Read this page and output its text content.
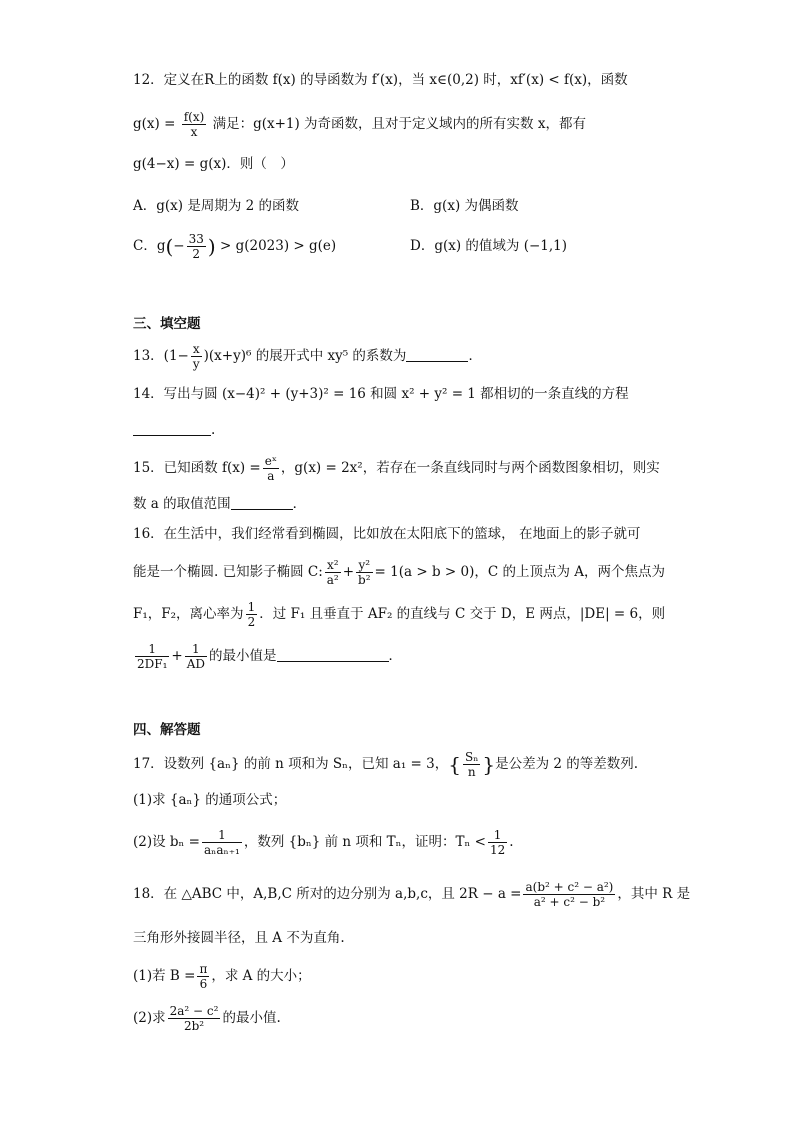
12．定义在R上的函数 f(x) 的导函数为 f′(x)，当 x∈(0,2) 时，xf′(x) < f(x)，函数
$g(x) = \frac{f(x)}{x}$ 满足：g(x+1) 为奇函数，且对于定义域内的所有实数 x，都有
g(4−x) = g(x)．则（　）
A．g(x) 是周期为 2 的函数	B．g(x) 为偶函数
C．$g(- \frac{33}{2}$ ) > g(2023) > g(e)	D．g(x) 的值域为 (−1,1)
三、填空题
13．$(1- \frac{x}{y} )(x+y)^6$ 的展开式中 xy⁵ 的系数为	．
14．写出与圆 (x−4)² + (y+3)² = 16 和圆 x² + y² = 1 都相切的一条直线的方程
.
15．已知函数 $f(x) = \frac{\text{eˣ}}{a}$ ，g(x) = 2x²，若存在一条直线同时与两个函数图象相切，则实
数 a 的取值范围	．
16．在生活中，我们经常看到椭圆，比如放在太阳底下的篮球， 在地面上的影子就可
能是一个椭圆. 已知影子椭圆 C: $\frac{\text{x²}}{\text{a²}} + \frac{\text{y²}}{\text{b²}} = 1(a > b > 0)$，C 的上顶点为 A，两个焦点为
F₁，F₂，离心率为 $\frac{1}{2}$ ．过 F₁ 且垂直于 AF₂ 的直线与 C 交于 D，E 两点，|DE| = 6，则
$\frac{1}{\text{2DF₁}} + \frac{1}{AD}$ 的最小值是	．
四、解答题
17．设数列 {aₙ} 的前 n 项和为 Sₙ，已知 a₁ = 3，{ $\frac{\text{Sₙ}}{n}$ }是公差为 2 的等差数列.
(1)求 {aₙ} 的通项公式；
(2)设 $b_n = \frac{1}{\text{aₙaₙ₊₁}}$ ，数列 {bₙ} 前 n 项和 Tₙ，证明：$T_n < \frac{1}{12}$ .
18．在 △ABC 中，A,B,C 所对的边分别为 a,b,c，且 $2R - a = \frac{\text{a(b² + c² − a²)}}{\text{a² + c² − b²}}$ ，其中 R 是
三角形外接圆半径，且 A 不为直角.
(1)若 $B = \frac{\pi}{6}$ ，求 A 的大小；
(2)求 $\frac{\text{2a² − c²}}{\text{2b²}}$ 的最小值.
